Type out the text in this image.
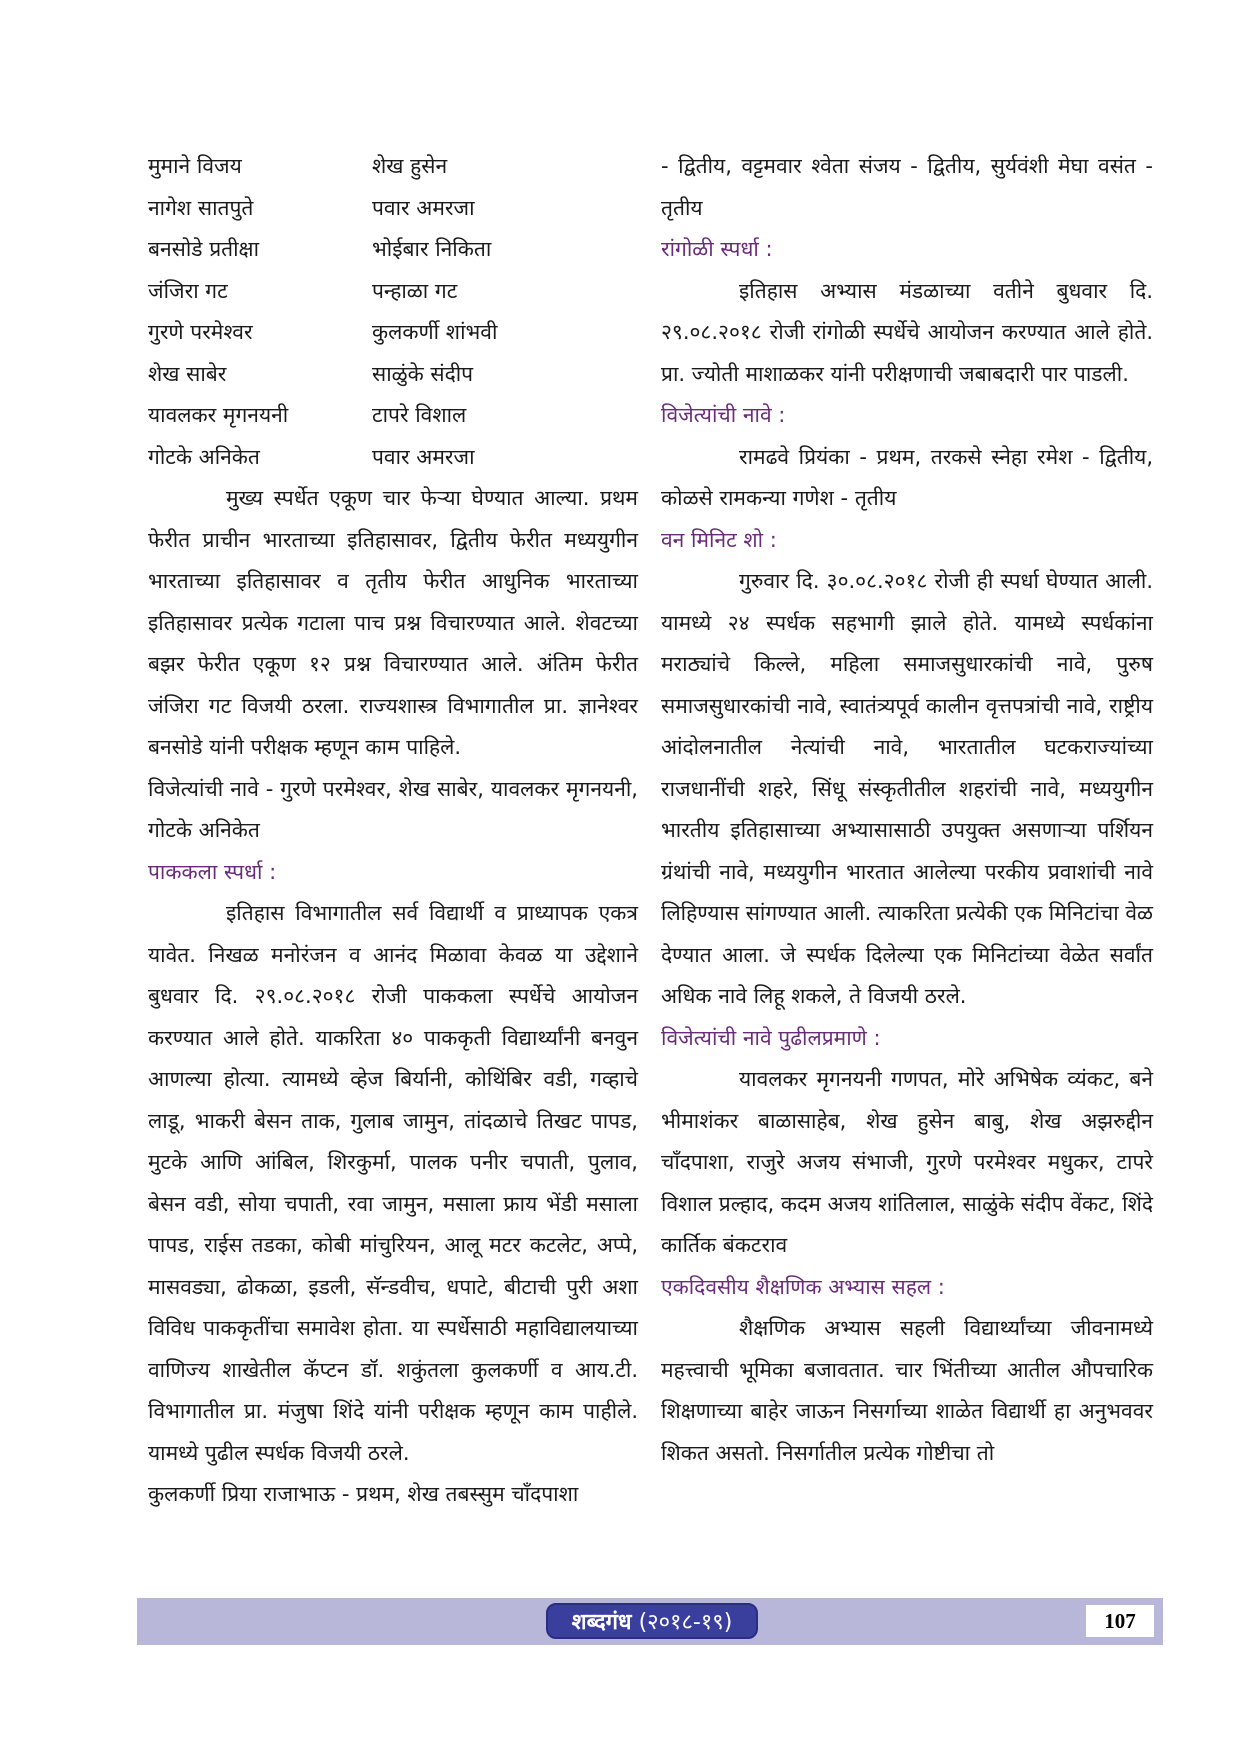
मुमाने विजय	शेख हुसेन
नागेश सातपुते	पवार अमरजा
बनसोडे प्रतीक्षा	भोईबार निकिता
जंजिरा गट	पन्हाळा गट
गुरणे परमेश्वर	कुलकर्णी शांभवी
शेख साबेर	साळुंके संदीप
यावलकर मृगनयनी	टापरे विशाल
गोटके अनिकेत	पवार अमरजा

मुख्य स्पर्धेत एकूण चार फेऱ्या घेण्यात आल्या. प्रथम फेरीत प्राचीन भारताच्या इतिहासावर, द्वितीय फेरीत मध्ययुगीन भारताच्या इतिहासावर व तृतीय फेरीत आधुनिक भारताच्या इतिहासावर प्रत्येक गटाला पाच प्रश्न विचारण्यात आले. शेवटच्या बझर फेरीत एकूण १२ प्रश्न विचारण्यात आले. अंतिम फेरीत जंजिरा गट विजयी ठरला. राज्यशास्त्र विभागातील प्रा. ज्ञानेश्वर बनसोडे यांनी परीक्षक म्हणून काम पाहिले.

विजेत्यांची नावे - गुरणे परमेश्वर, शेख साबेर, यावलकर मृगनयनी, गोटके अनिकेत

पाककला स्पर्धा :

इतिहास विभागातील सर्व विद्यार्थी व प्राध्यापक एकत्र यावेत. निखळ मनोरंजन व आनंद मिळावा केवळ या उद्देशाने बुधवार दि. २९.०८.२०१८ रोजी पाककला स्पर्धेचे आयोजन करण्यात आले होते. याकरिता ४० पाककृती विद्यार्थ्यांनी बनवुन आणल्या होत्या. त्यामध्ये व्हेज बिर्यानी, कोथिंबिर वडी, गव्हाचे लाडू, भाकरी बेसन ताक, गुलाब जामुन, तांदळाचे तिखट पापड, मुटके आणि आंबिल, शिरकुर्मा, पालक पनीर चपाती, पुलाव, बेसन वडी, सोया चपाती, रवा जामुन, मसाला फ्राय भेंडी मसाला पापड, राईस तडका, कोबी मांचुरियन, आलू मटर कटलेट, अप्पे, मासवड्या, ढोकळा, इडली, सॅन्डवीच, धपाटे, बीटाची पुरी अशा विविध पाककृतींचा समावेश होता. या स्पर्धेसाठी महाविद्यालयाच्या वाणिज्य शाखेतील कॅप्टन डॉ. शकुंतला कुलकर्णी व आय.टी. विभागातील प्रा. मंजुषा शिंदे यांनी परीक्षक म्हणून काम पाहीले. यामध्ये पुढील स्पर्धक विजयी ठरले.

कुलकर्णी प्रिया राजाभाऊ - प्रथम, शेख तबस्सुम चाँदपाशा

- द्वितीय, वट्टमवार श्वेता संजय - द्वितीय, सुर्यवंशी मेघा वसंत - तृतीय

रांगोळी स्पर्धा :

इतिहास अभ्यास मंडळाच्या वतीने बुधवार दि. २९.०८.२०१८ रोजी रांगोळी स्पर्धेचे आयोजन करण्यात आले होते. प्रा. ज्योती माशाळकर यांनी परीक्षणाची जबाबदारी पार पाडली.

विजेत्यांची नावे :

रामढवे प्रियंका - प्रथम, तरकसे स्नेहा रमेश - द्वितीय, कोळसे रामकन्या गणेश - तृतीय

वन मिनिट शो :

गुरुवार दि. ३०.०८.२०१८ रोजी ही स्पर्धा घेण्यात आली. यामध्ये २४ स्पर्धक सहभागी झाले होते. यामध्ये स्पर्धकांना मराठ्यांचे किल्ले, महिला समाजसुधारकांची नावे, पुरुष समाजसुधारकांची नावे, स्वातंत्र्यपूर्व कालीन वृत्तपत्रांची नावे, राष्ट्रीय आंदोलनातील नेत्यांची नावे, भारतातील घटकराज्यांच्या राजधानींची शहरे, सिंधू संस्कृतीतील शहरांची नावे, मध्ययुगीन भारतीय इतिहासाच्या अभ्यासासाठी उपयुक्त असणाऱ्या पर्शियन ग्रंथांची नावे, मध्ययुगीन भारतात आलेल्या परकीय प्रवाशांची नावे लिहिण्यास सांगण्यात आली. त्याकरिता प्रत्येकी एक मिनिटांचा वेळ देण्यात आला. जे स्पर्धक दिलेल्या एक मिनिटांच्या वेळेत सर्वांत अधिक नावे लिहू शकले, ते विजयी ठरले.

विजेत्यांची नावे पुढीलप्रमाणे :

यावलकर मृगनयनी गणपत, मोरे अभिषेक व्यंकट, बने भीमाशंकर बाळासाहेब, शेख हुसेन बाबु, शेख अझरुद्दीन चाँदपाशा, राजुरे अजय संभाजी, गुरणे परमेश्वर मधुकर, टापरे विशाल प्रल्हाद, कदम अजय शांतिलाल, साळुंके संदीप वेंकट, शिंदे कार्तिक बंकटराव

एकदिवसीय शैक्षणिक अभ्यास सहल :

शैक्षणिक अभ्यास सहली विद्यार्थ्यांच्या जीवनामध्ये महत्त्वाची भूमिका बजावतात. चार भिंतीच्या आतील औपचारिक शिक्षणाच्या बाहेर जाऊन निसर्गाच्या शाळेत विद्यार्थी हा अनुभववर शिकत असतो. निसर्गातील प्रत्येक गोष्टीचा तो

शब्दगंध (२०१८-१९)	107
